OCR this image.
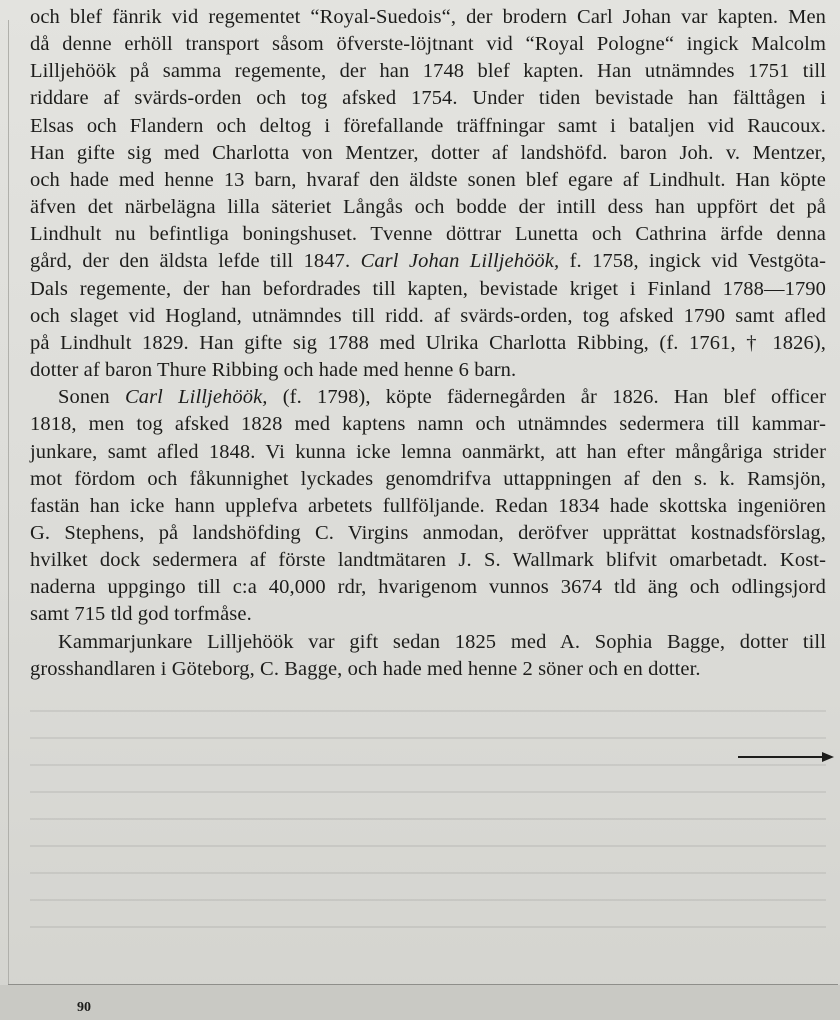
och blef fänrik vid regementet “Royal-Suedois“, der brodern Carl Johan var kapten. Men
då denne erhöll transport såsom öfverste-löjtnant vid “Royal Pologne“ ingick Malcolm
Lilljehöök på samma regemente, der han 1748 blef kapten. Han utnämndes 1751 till
riddare af svärds-orden och tog afsked 1754. Under tiden bevistade han fälttågen i
Elsas och Flandern och deltog i förefallande träffningar samt i bataljen vid Raucoux.
Han gifte sig med Charlotta von Mentzer, dotter af landshöfd. baron Joh. v. Mentzer,
och hade med henne 13 barn, hvaraf den äldste sonen blef egare af Lindhult. Han köpte
äfven det närbelägna lilla säteriet Långås och bodde der intill dess han uppfört det på
Lindhult nu befintliga boningshuset. Tvenne döttrar Lunetta och Cathrina ärfde denna
gård, der den äldsta lefde till 1847. Carl Johan Lilljehöök, f. 1758, ingick vid Vestgöta-
Dals regemente, der han befordrades till kapten, bevistade kriget i Finland 1788—1790
och slaget vid Hogland, utnämndes till ridd. af svärds-orden, tog afsked 1790 samt afled
på Lindhult 1829. Han gifte sig 1788 med Ulrika Charlotta Ribbing, (f. 1761, † 1826),
dotter af baron Thure Ribbing och hade med henne 6 barn.

Sonen Carl Lilljehöök, (f. 1798), köpte fädernegården år 1826. Han blef officer
1818, men tog afsked 1828 med kaptens namn och utnämndes sedermera till kammar-
junkare, samt afled 1848. Vi kunna icke lemna oanmärkt, att han efter mångåriga strider
mot fördom och fåkunnighet lyckades genomdrifva uttappningen af den s. k. Ramsjön,
fastän han icke hann upplefva arbetets fullföljande. Redan 1834 hade skottska ingeniören
G. Stephens, på landshöfding C. Virgins anmodan, deröfver upprättat kostnadsförslag,
hvilket dock sedermera af förste landtmätaren J. S. Wallmark blifvit omarbetadt. Kost-
naderna uppgingo till c:a 40,000 rdr, hvarigenom vunnos 3674 tld äng och odlingsjord
samt 715 tld god torfmåse.

Kammarjunkare Lilljehöök var gift sedan 1825 med A. Sophia Bagge, dotter till
grosshandlaren i Göteborg, C. Bagge, och hade med henne 2 söner och en dotter.

90
